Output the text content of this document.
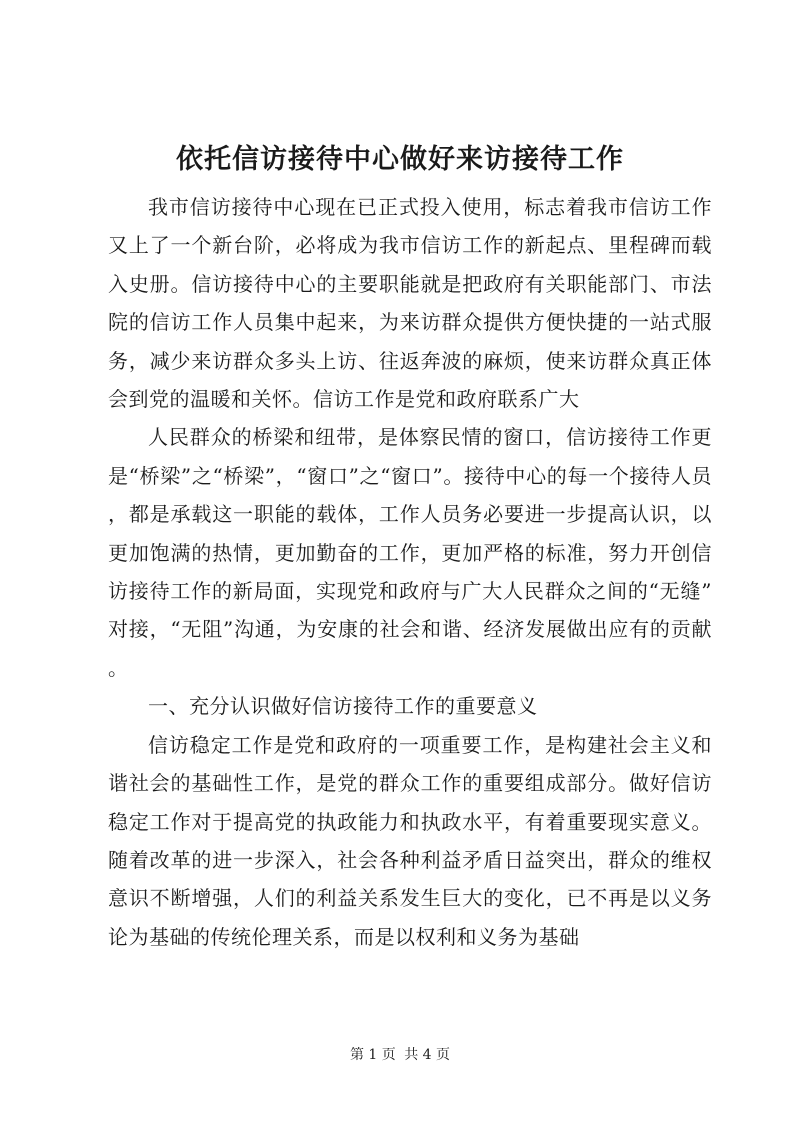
依托信访接待中心做好来访接待工作

我市信访接待中心现在已正式投入使用，标志着我市信访工作又上了一个新台阶，必将成为我市信访工作的新起点、里程碑而载入史册。信访接待中心的主要职能就是把政府有关职能部门、市法院的信访工作人员集中起来，为来访群众提供方便快捷的一站式服务，减少来访群众多头上访、往返奔波的麻烦，使来访群众真正体会到党的温暖和关怀。信访工作是党和政府联系广大

人民群众的桥梁和纽带，是体察民情的窗口，信访接待工作更是“桥梁”之“桥梁”，“窗口”之“窗口”。接待中心的每一个接待人员，都是承载这一职能的载体，工作人员务必要进一步提高认识，以更加饱满的热情，更加勤奋的工作，更加严格的标准，努力开创信访接待工作的新局面，实现党和政府与广大人民群众之间的“无缝”对接，“无阻”沟通，为安康的社会和谐、经济发展做出应有的贡献。

一、充分认识做好信访接待工作的重要意义

信访稳定工作是党和政府的一项重要工作，是构建社会主义和谐社会的基础性工作，是党的群众工作的重要组成部分。做好信访稳定工作对于提高党的执政能力和执政水平，有着重要现实意义。随着改革的进一步深入，社会各种利益矛盾日益突出，群众的维权意识不断增强，人们的利益关系发生巨大的变化，已不再是以义务论为基础的传统伦理关系，而是以权利和义务为基础

第 1 页 共 4 页
